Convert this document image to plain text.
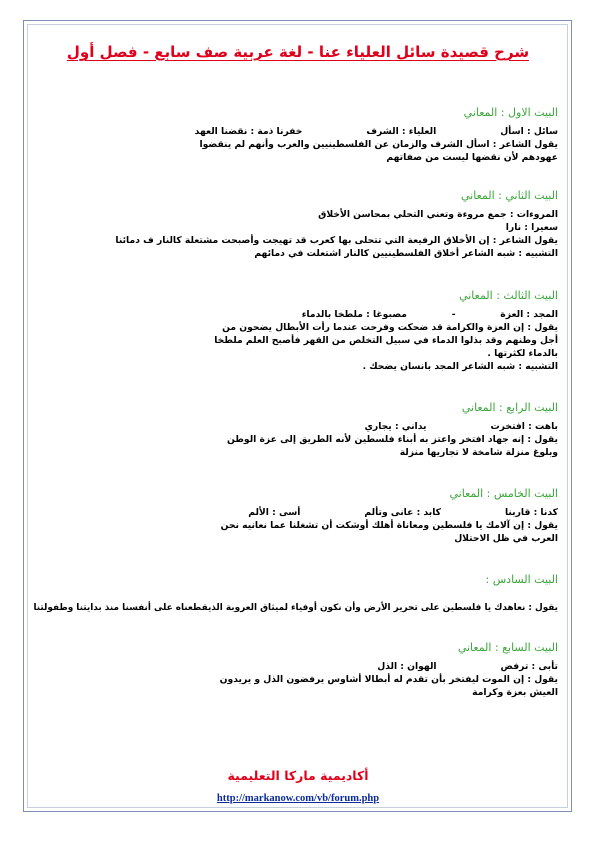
شرح قصيدة سائل العلياء عنا - لغة عربية صف سابع - فصل أول
البيت الاول : المعاني
سائل : اسأل                    العلياء : الشرف                    خفرنا ذمة : نقضنا العهد
يقول الشاعر : اسأل الشرف والزمان عن الفلسطينيين والعرب وأنهم لم ينقضوا
عهودهم لأن نقضها ليست من صفاتهم
البيت الثاني : المعاني
المروءات : جمع مروءة وتعني التحلي بمحاسن الأخلاق
سعيرا : نارا
يقول الشاعر : إن الأخلاق الرفيعة التي تتحلى بها كعرب قد تهيجت وأصبحت مشتعلة كالنار ف دمائنا
التشبيه : شبه الشاعر أخلاق الفلسطينيين كالنار اشتعلت في دمائهم
البيت الثالث : المعاني
المجد : العزة              -              مصبوغا : ملطخا بالدماء
يقول : إن العزة والكرامة قد ضحكت وفرحت عندما رأت الأبطال يضحون من
أجل وطنهم وقد بذلوا الدماء في سبيل التخلص من القهر فأصبح العلم ملطخا
بالدماء لكثرتها .
التشبيه : شبه الشاعر المجد بانسان يضحك .
البيت الرابع : المعاني
باهت : افتخرت                    يداني : يجاري
يقول : إنه جهاد افتخر واعتز به أبناء فلسطين لأنه الطريق إلى عزة الوطن
وبلوغ منزلة شامخة لا تجاريها منزلة
البيت الخامس : المعاني
كدنا : قاربنا                    كابد : عانى وتألم                    أسى : الألم
يقول : إن آلامك يا فلسطين ومعاناة أهلك أوشكت أن تشغلنا عما نعانيه نحن
العرب في ظل الاحتلال
البيت السادس :
يقول : نعاهدك يا فلسطين على تحرير الأرض وأن نكون أوفياء لميثاق العروبة الذيقطعناه على أنفسنا منذ بدايتنا وطفولتنا
البيت السابع : المعاني
تأبى : ترفض                    الهوان : الذل
يقول : إن الموت ليفتخر بأن تقدم له أبطالا أشاوس يرفضون الذل و يريدون
العيش بعزة وكرامة
أكاديمية ماركا التعليمية
http://markanow.com/vb/forum.php
